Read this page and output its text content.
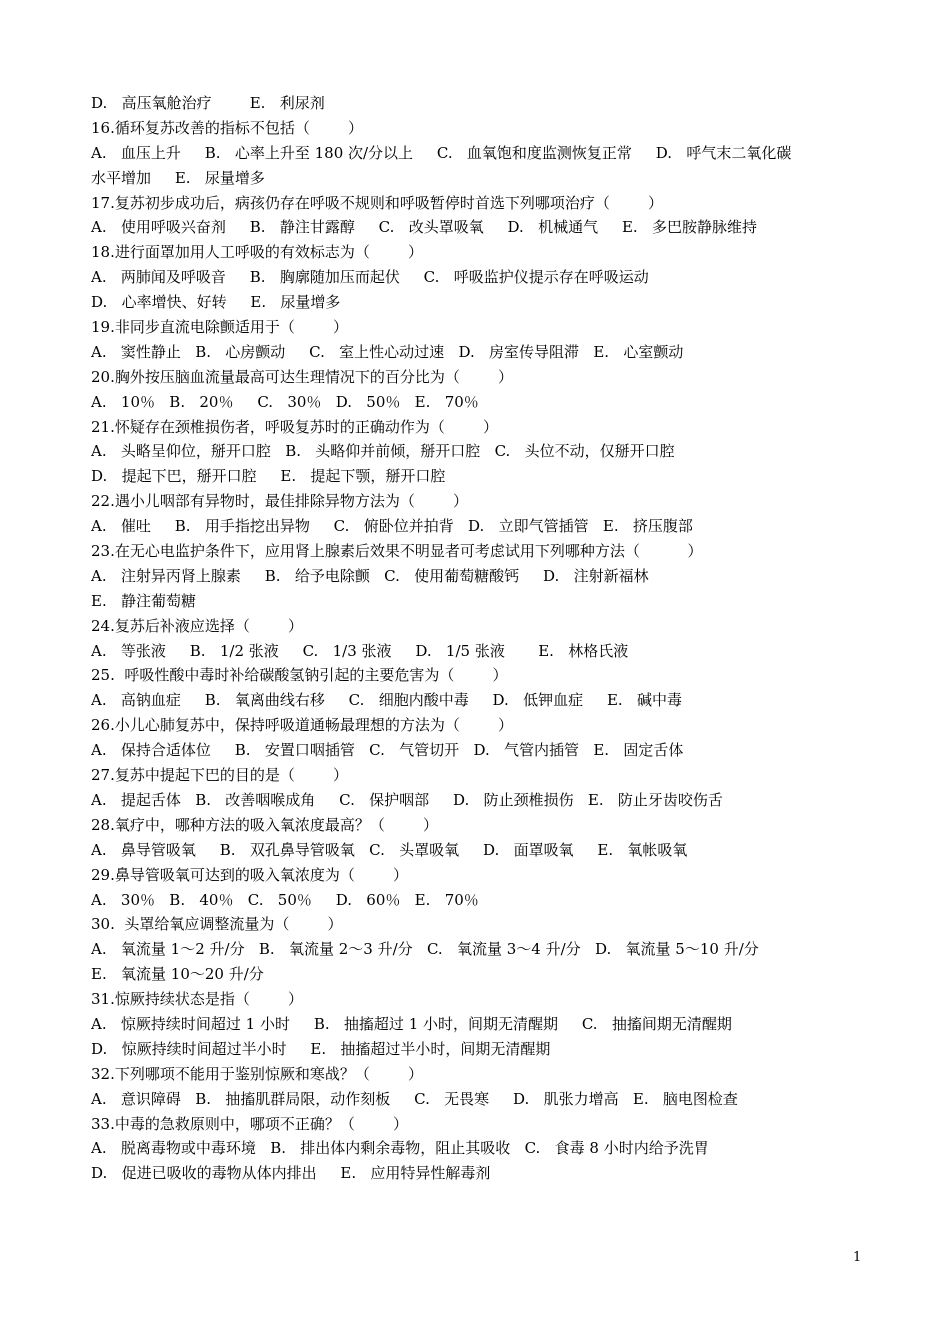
D.   高压氧舱治疗        E.   利尿剂
16.循环复苏改善的指标不包括（        ）
A.   血压上升     B.   心率上升至 180 次/分以上     C.   血氧饱和度监测恢复正常     D.   呼气末二氧化碳
水平增加     E.   尿量增多
17.复苏初步成功后，病孩仍存在呼吸不规则和呼吸暂停时首选下列哪项治疗（        ）
A.   使用呼吸兴奋剂     B.   静注甘露醇     C.   改头罩吸氧     D.   机械通气     E.   多巴胺静脉维持
18.进行面罩加用人工呼吸的有效标志为（        ）
A.   两肺闻及呼吸音     B.   胸廓随加压而起伏     C.   呼吸监护仪提示存在呼吸运动
D.   心率增快、好转     E.   尿量增多
19.非同步直流电除颤适用于（        ）
A.   窦性静止   B.   心房颤动     C.   室上性心动过速   D.   房室传导阻滞   E.   心室颤动
20.胸外按压脑血流量最高可达生理情况下的百分比为（        ）
A.   10％   B.   20％     C.   30％   D.   50％   E.   70％
21.怀疑存在颈椎损伤者，呼吸复苏时的正确动作为（        ）
A.   头略呈仰位，掰开口腔   B.   头略仰并前倾，掰开口腔   C.   头位不动，仅掰开口腔
D.   提起下巴，掰开口腔     E.   提起下颚，掰开口腔
22.遇小儿咽部有异物时，最佳排除异物方法为（        ）
A.   催吐     B.   用手指挖出异物     C.   俯卧位并拍背   D.   立即气管插管   E.   挤压腹部
23.在无心电监护条件下，应用肾上腺素后效果不明显者可考虑试用下列哪种方法（          ）
A.   注射异丙肾上腺素     B.   给予电除颤   C.   使用葡萄糖酸钙     D.   注射新福林
E.   静注葡萄糖
24.复苏后补液应选择（        ）
A.   等张液     B.   1/2 张液     C.   1/3 张液     D.   1/5 张液       E.   林格氏液
25.  呼吸性酸中毒时补给碳酸氢钠引起的主要危害为（        ）
A.   高钠血症     B.   氧离曲线右移     C.   细胞内酸中毒     D.   低钾血症     E.   碱中毒
26.小儿心肺复苏中，保持呼吸道通畅最理想的方法为（        ）
A.   保持合适体位     B.   安置口咽插管   C.   气管切开   D.   气管内插管   E.   固定舌体
27.复苏中提起下巴的目的是（        ）
A.   提起舌体   B.   改善咽喉成角     C.   保护咽部     D.   防止颈椎损伤   E.   防止牙齿咬伤舌
28.氧疗中，哪种方法的吸入氧浓度最高？（        ）
A.   鼻导管吸氧     B.   双孔鼻导管吸氧   C.   头罩吸氧     D.   面罩吸氧     E.   氧帐吸氧
29.鼻导管吸氧可达到的吸入氧浓度为（        ）
A.   30％   B.   40％   C.   50％     D.   60％   E.   70％
30.  头罩给氧应调整流量为（        ）
A.   氧流量 1～2 升/分   B.   氧流量 2～3 升/分   C.   氧流量 3～4 升/分   D.   氧流量 5～10 升/分
E.   氧流量 10～20 升/分
31.惊厥持续状态是指（        ）
A.   惊厥持续时间超过 1 小时     B.   抽搐超过 1 小时，间期无清醒期     C.   抽搐间期无清醒期
D.   惊厥持续时间超过半小时     E.   抽搐超过半小时，间期无清醒期
32.下列哪项不能用于鉴别惊厥和寒战？（        ）
A.   意识障碍   B.   抽搐肌群局限，动作刻板     C.   无畏寒     D.   肌张力增高   E.   脑电图检查
33.中毒的急救原则中，哪项不正确？（        ）
A.   脱离毒物或中毒环境   B.   排出体内剩余毒物，阻止其吸收   C.   食毒 8 小时内给予洗胃
D.   促进已吸收的毒物从体内排出     E.   应用特异性解毒剂
1
